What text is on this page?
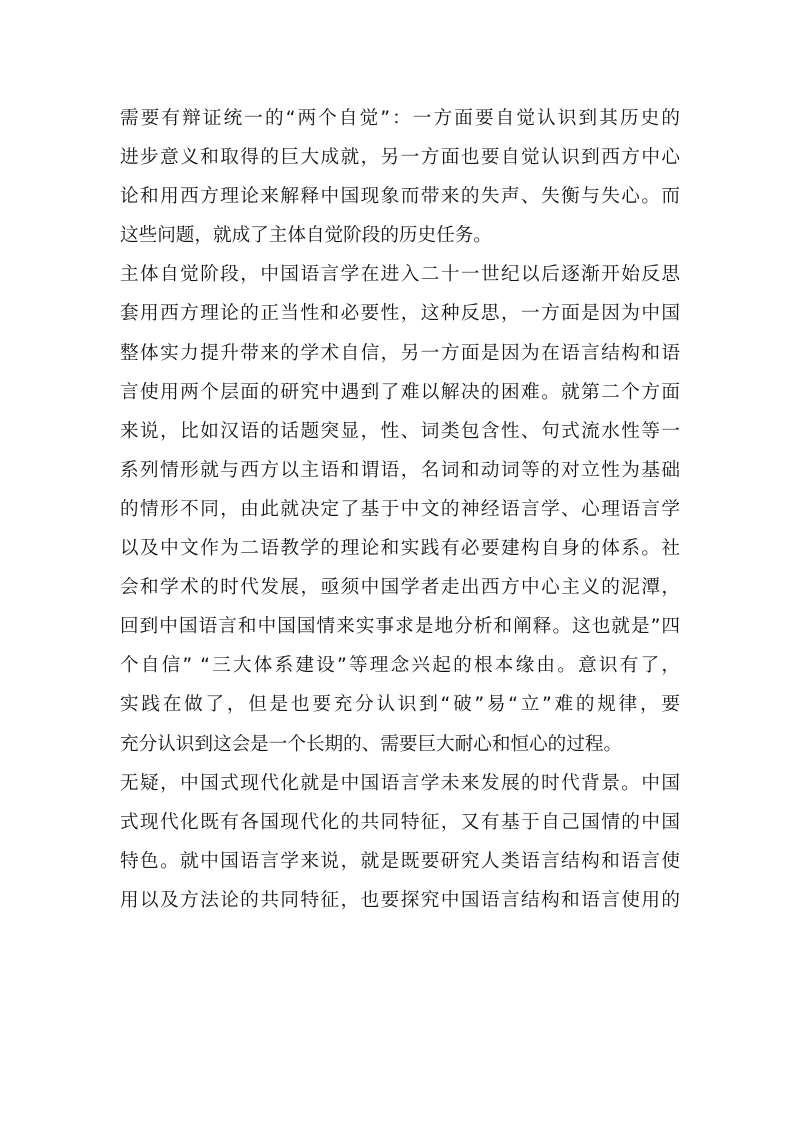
需要有辩证统一的“两个自觉”：一方面要自觉认识到其历史的
进步意义和取得的巨大成就，另一方面也要自觉认识到西方中心
论和用西方理论来解释中国现象而带来的失声、失衡与失心。而
这些问题，就成了主体自觉阶段的历史任务。
主体自觉阶段，中国语言学在进入二十一世纪以后逐渐开始反思
套用西方理论的正当性和必要性，这种反思，一方面是因为中国
整体实力提升带来的学术自信，另一方面是因为在语言结构和语
言使用两个层面的研究中遇到了难以解决的困难。就第二个方面
来说，比如汉语的话题突显，性、词类包含性、句式流水性等一
系列情形就与西方以主语和谓语，名词和动词等的对立性为基础
的情形不同，由此就决定了基于中文的神经语言学、心理语言学
以及中文作为二语教学的理论和实践有必要建构自身的体系。社
会和学术的时代发展，亟须中国学者走出西方中心主义的泥潭，
回到中国语言和中国国情来实事求是地分析和阐释。这也就是”四
个自信” “三大体系建设”等理念兴起的根本缘由。意识有了，
实践在做了，但是也要充分认识到“破”易“立”难的规律，要
充分认识到这会是一个长期的、需要巨大耐心和恒心的过程。
无疑，中国式现代化就是中国语言学未来发展的时代背景。中国
式现代化既有各国现代化的共同特征，又有基于自己国情的中国
特色。就中国语言学来说，就是既要研究人类语言结构和语言使
用以及方法论的共同特征，也要探究中国语言结构和语言使用的
